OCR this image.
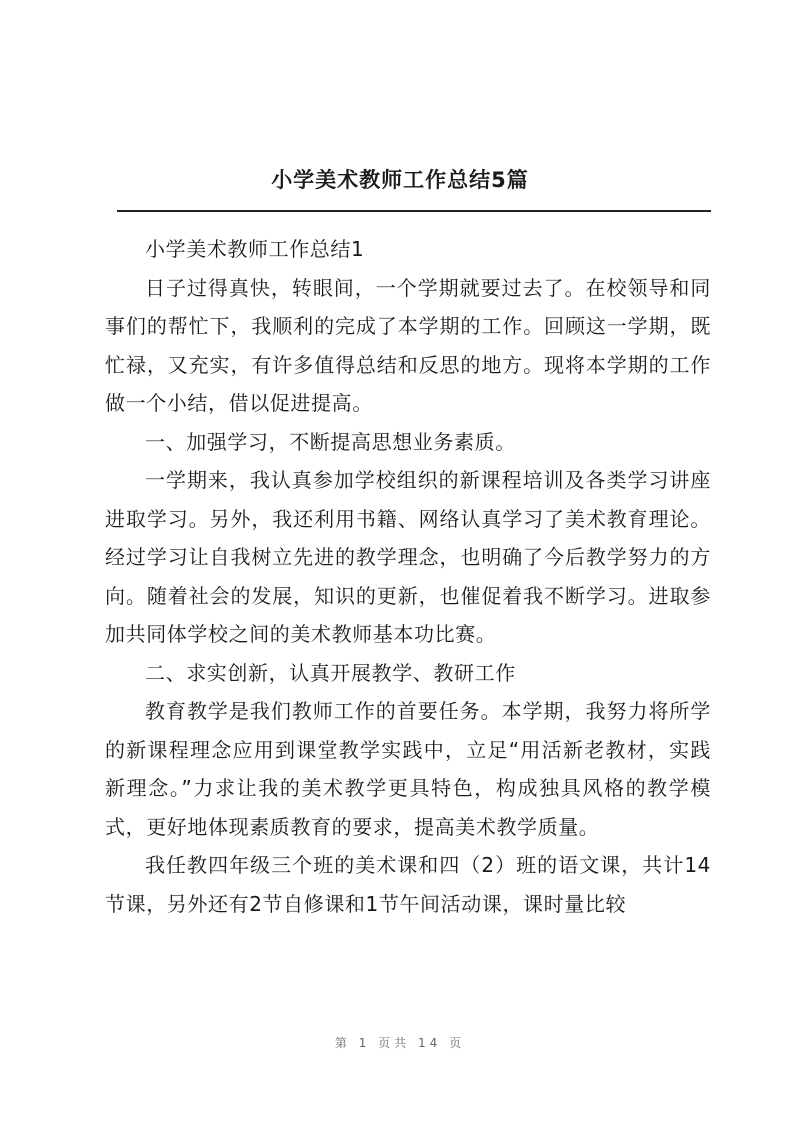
小学美术教师工作总结5篇

小学美术教师工作总结1

日子过得真快，转眼间，一个学期就要过去了。在校领导和同事们的帮忙下，我顺利的完成了本学期的工作。回顾这一学期，既忙禄，又充实，有许多值得总结和反思的地方。现将本学期的工作做一个小结，借以促进提高。

一、加强学习，不断提高思想业务素质。

一学期来，我认真参加学校组织的新课程培训及各类学习讲座进取学习。另外，我还利用书籍、网络认真学习了美术教育理论。经过学习让自我树立先进的教学理念，也明确了今后教学努力的方向。随着社会的发展，知识的更新，也催促着我不断学习。进取参加共同体学校之间的美术教师基本功比赛。

二、求实创新，认真开展教学、教研工作

教育教学是我们教师工作的首要任务。本学期，我努力将所学的新课程理念应用到课堂教学实践中，立足“用活新老教材，实践新理念。”力求让我的美术教学更具特色，构成独具风格的教学模式，更好地体现素质教育的要求，提高美术教学质量。

我任教四年级三个班的美术课和四（2）班的语文课，共计14节课，另外还有2节自修课和1节午间活动课，课时量比较

第 1 页共 14 页
